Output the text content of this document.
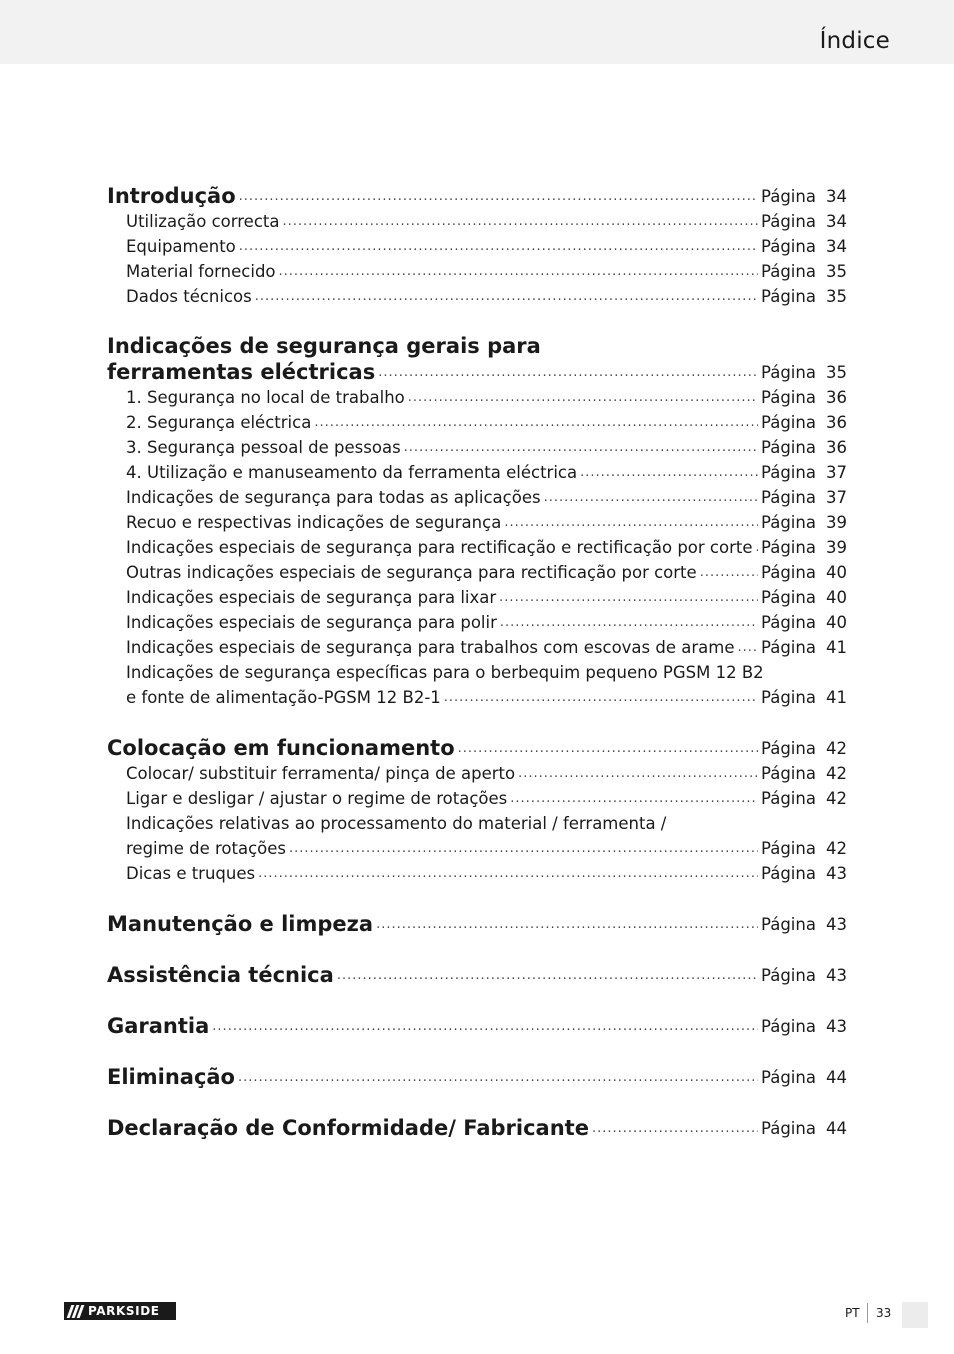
Índice
Introdução .....	Página 34
Utilização correcta .....	Página 34
Equipamento .....	Página 34
Material fornecido .....	Página 35
Dados técnicos .....	Página 35
Indicações de segurança gerais para
ferramentas eléctricas .....	Página 35
1. Segurança no local de trabalho .....	Página 36
2. Segurança eléctrica .....	Página 36
3. Segurança pessoal de pessoas .....	Página 36
4. Utilização e manuseamento da ferramenta eléctrica .....	Página 37
Indicações de segurança para todas as aplicações .....	Página 37
Recuo e respectivas indicações de segurança .....	Página 39
Indicações especiais de segurança para rectificação e rectificação por corte ..... Página 39
Outras indicações especiais de segurança para rectificação por corte .....	Página 40
Indicações especiais de segurança para lixar .....	Página 40
Indicações especiais de segurança para polir .....	Página 40
Indicações especiais de segurança para trabalhos com escovas de arame ..... Página 41
Indicações de segurança específicas para o berbequim pequeno PGSM 12 B2
e fonte de alimentação-PGSM 12 B2-1 .....	Página 41
Colocação em funcionamento .....	Página 42
Colocar/ substituir ferramenta/ pinça de aperto .....	Página 42
Ligar e desligar / ajustar o regime de rotações .....	Página 42
Indicações relativas ao processamento do material / ferramenta /
regime de rotações .....	Página 42
Dicas e truques .....	Página 43
Manutenção e limpeza .....	Página 43
Assistência técnica .....	Página 43
Garantia .....	Página 43
Eliminação .....	Página 44
Declaração de Conformidade/ Fabricante .....	Página 44
PARKSIDE	PT 33
